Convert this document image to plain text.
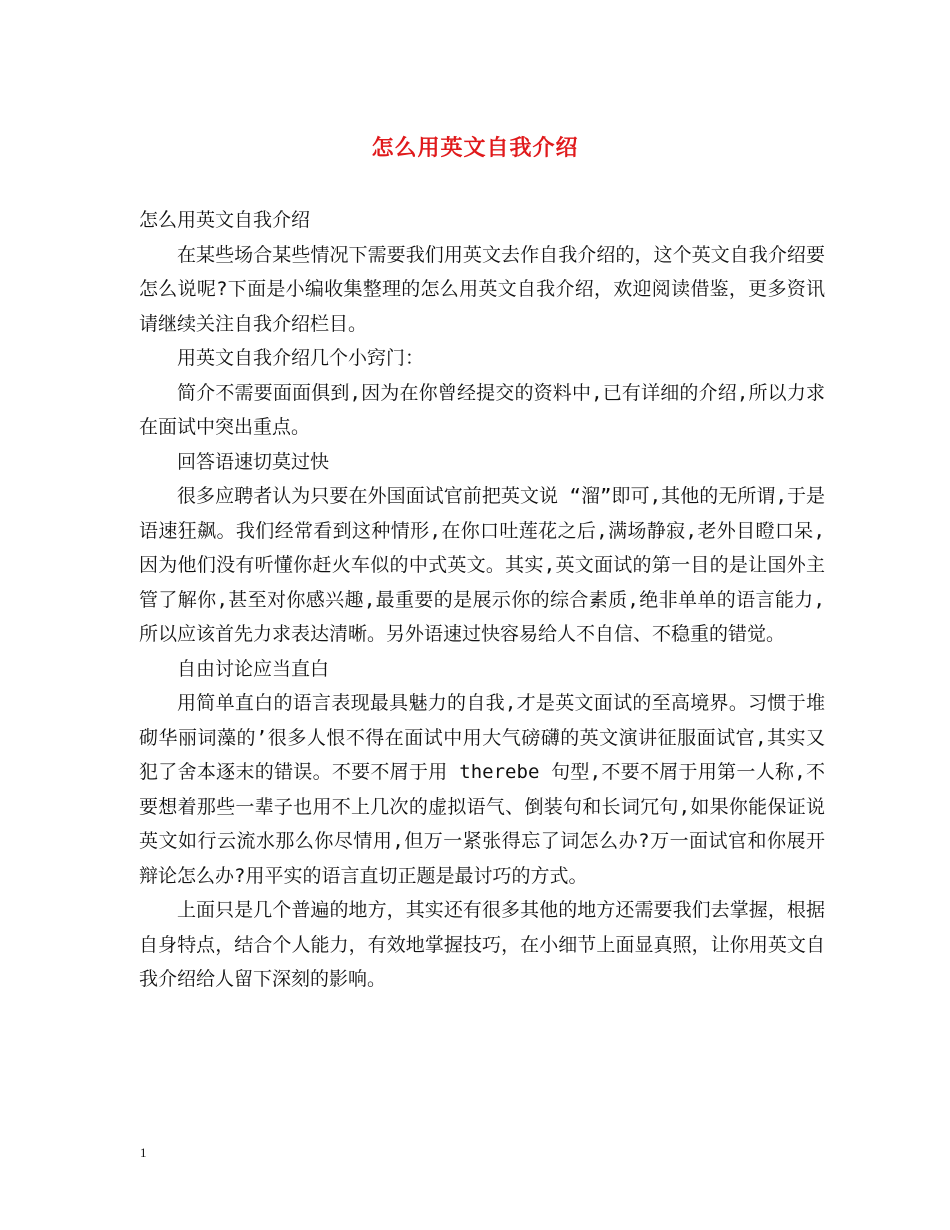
怎么用英文自我介绍

怎么用英文自我介绍

在某些场合某些情况下需要我们用英文去作自我介绍的，这个英文自我介绍要怎么说呢?下面是小编收集整理的怎么用英文自我介绍，欢迎阅读借鉴，更多资讯请继续关注自我介绍栏目。

用英文自我介绍几个小窍门：

简介不需要面面俱到,因为在你曾经提交的资料中,已有详细的介绍,所以力求在面试中突出重点。

回答语速切莫过快

很多应聘者认为只要在外国面试官前把英文说 “溜”即可,其他的无所谓,于是语速狂飙。我们经常看到这种情形,在你口吐莲花之后,满场静寂,老外目瞪口呆,因为他们没有听懂你赶火车似的中式英文。其实,英文面试的第一目的是让国外主管了解你,甚至对你感兴趣,最重要的是展示你的综合素质,绝非单单的语言能力,所以应该首先力求表达清晰。另外语速过快容易给人不自信、不稳重的错觉。

自由讨论应当直白

用简单直白的语言表现最具魅力的自我,才是英文面试的至高境界。习惯于堆砌华丽词藻的’很多人恨不得在面试中用大气磅礴的英文演讲征服面试官,其实又犯了舍本逐末的错误。不要不屑于用 therebe 句型,不要不屑于用第一人称,不要想着那些一辈子也用不上几次的虚拟语气、倒装句和长词冗句,如果你能保证说英文如行云流水那么你尽情用,但万一紧张得忘了词怎么办?万一面试官和你展开辩论怎么办?用平实的语言直切正题是最讨巧的方式。

上面只是几个普遍的地方，其实还有很多其他的地方还需要我们去掌握，根据自身特点，结合个人能力，有效地掌握技巧，在小细节上面显真照，让你用英文自我介绍给人留下深刻的影响。

1
